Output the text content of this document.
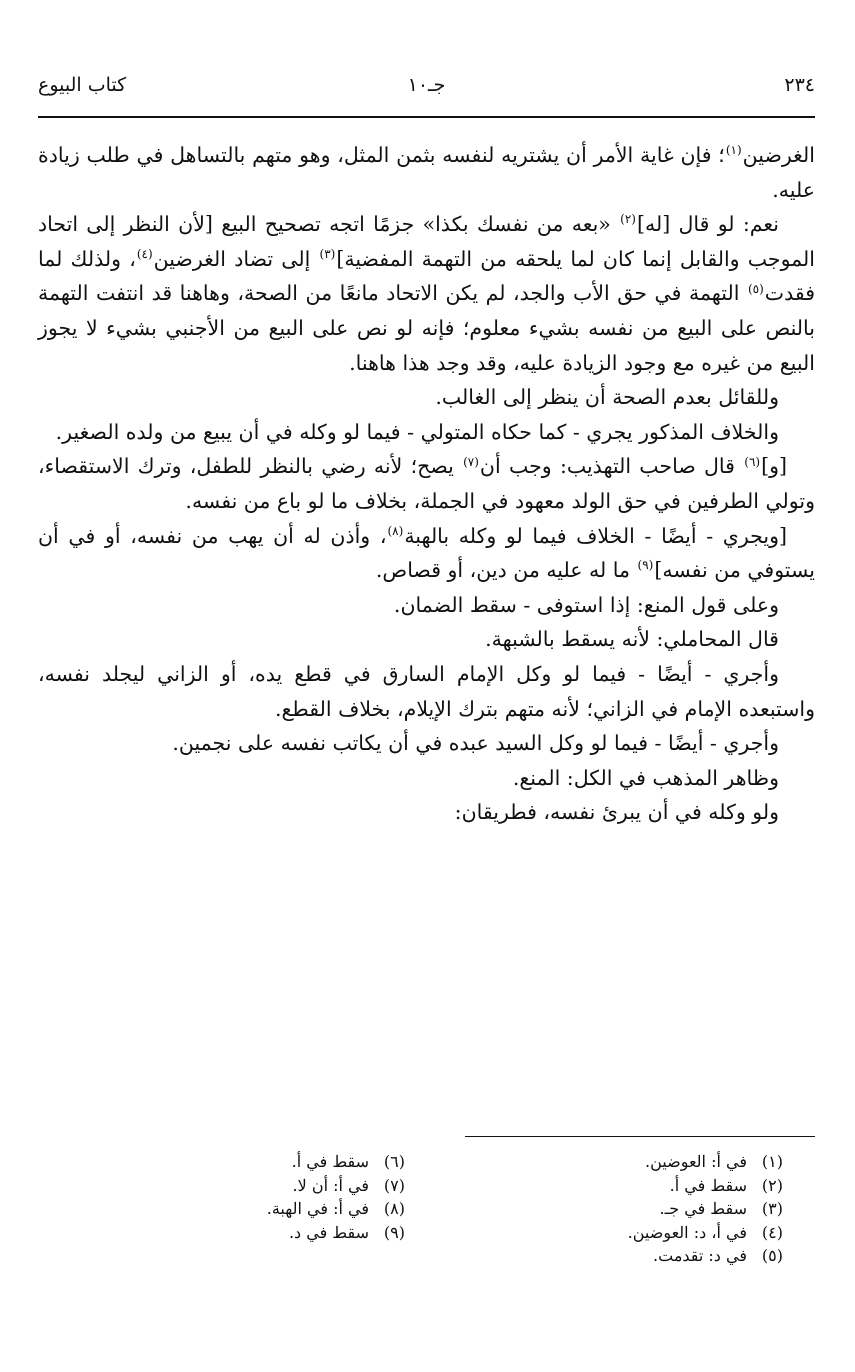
٢٣٤
جـ١٠
كتاب البيوع

الغرضين$^{(١)}$؛ فإن غاية الأمر أن يشتريه لنفسه بثمن المثل، وهو متهم بالتساهل في طلب زيادة عليه.

نعم: لو قال [له]$^{(٢)}$ «بعه من نفسك بكذا» جزمًا اتجه تصحيح البيع [لأن النظر إلى اتحاد الموجب والقابل إنما كان لما يلحقه من التهمة المفضية]$^{(٣)}$ إلى تضاد الغرضين$^{(٤)}$، ولذلك لما فقدت$^{(٥)}$ التهمة في حق الأب والجد، لم يكن الاتحاد مانعًا من الصحة، وهاهنا قد انتفت التهمة بالنص على البيع من نفسه بشيء معلوم؛ فإنه لو نص على البيع من الأجنبي بشيء لا يجوز البيع من غيره مع وجود الزيادة عليه، وقد وجد هذا هاهنا.

وللقائل بعدم الصحة أن ينظر إلى الغالب.

والخلاف المذكور يجري - كما حكاه المتولي - فيما لو وكله في أن يبيع من ولده الصغير.

[و]$^{(٦)}$ قال صاحب التهذيب: وجب أن$^{(٧)}$ يصح؛ لأنه رضي بالنظر للطفل، وترك الاستقصاء، وتولي الطرفين في حق الولد معهود في الجملة، بخلاف ما لو باع من نفسه.

[ويجري - أيضًا - الخلاف فيما لو وكله بالهبة$^{(٨)}$، وأذن له أن يهب من نفسه، أو في أن يستوفي من نفسه]$^{(٩)}$ ما له عليه من دين، أو قصاص.

وعلى قول المنع: إذا استوفى - سقط الضمان.

قال المحاملي: لأنه يسقط بالشبهة.

وأجري - أيضًا - فيما لو وكل الإمام السارق في قطع يده، أو الزاني ليجلد نفسه، واستبعده الإمام في الزاني؛ لأنه متهم بترك الإيلام، بخلاف القطع.

وأجري - أيضًا - فيما لو وكل السيد عبده في أن يكاتب نفسه على نجمين.

وظاهر المذهب في الكل: المنع.

ولو وكله في أن يبرئ نفسه، فطريقان:

(١)
في أ: العوضين.
(٢)
سقط في أ.
(٣)
سقط في جـ.
(٤)
في أ، د: العوضين.
(٥)
في د: تقدمت.
(٦)
سقط في أ.
(٧)
في أ: أن لا.
(٨)
في أ: في الهبة.
(٩)
سقط في د.
